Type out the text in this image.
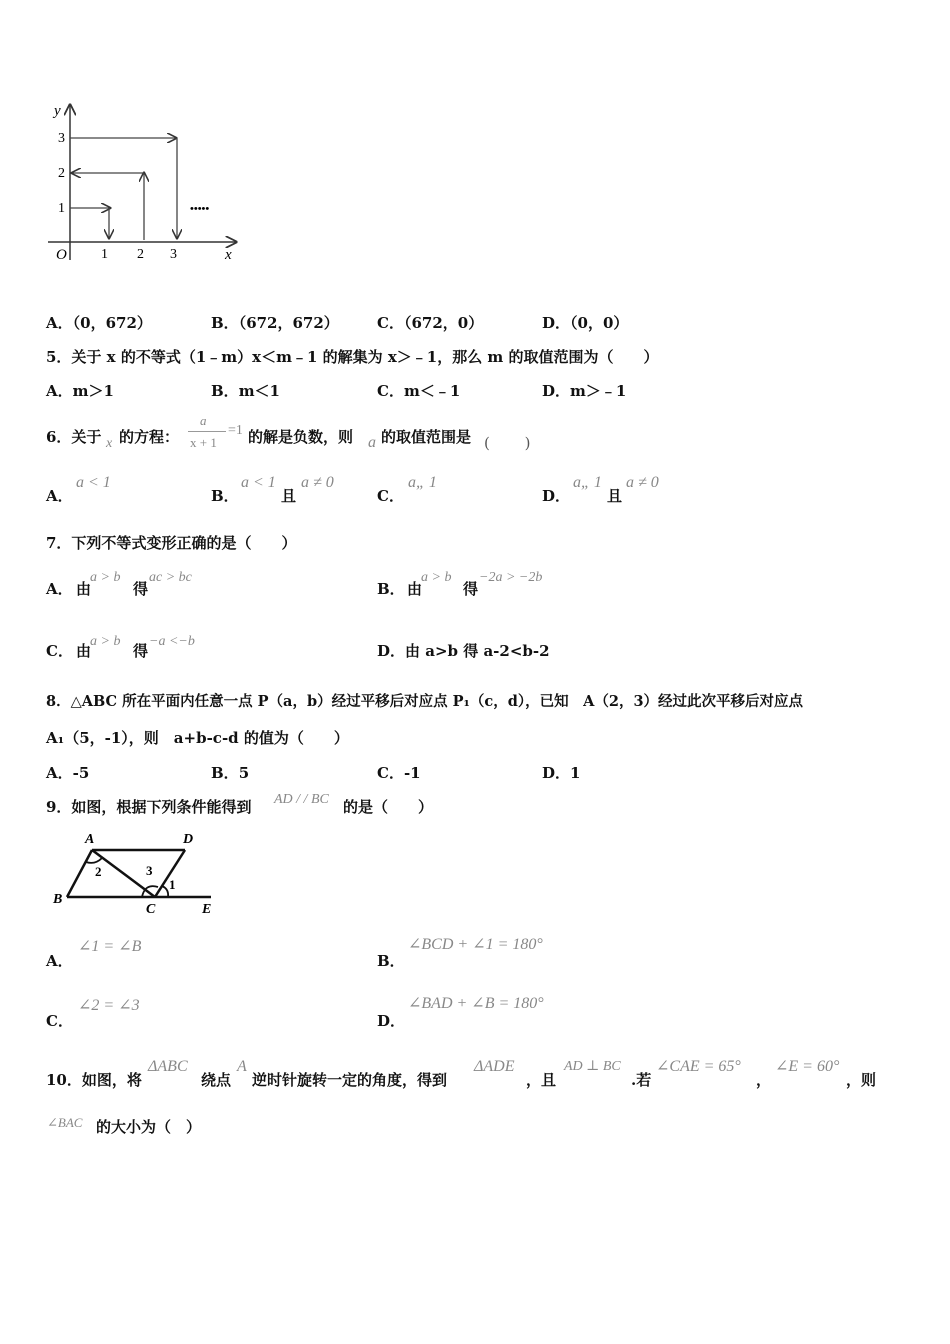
y
x
O
1
2
3
1 2 3
•••••
A．（0，672）	B．（672，672）	C．（672，0）	D．（0，0）
5．关于 x 的不等式（1﹣m）x＜m﹣1 的解集为 x＞﹣1，那么 m 的取值范围为（　　）
A．m＞1	B．m＜1	C．m＜﹣1	D．m＞﹣1
6．关于 x 的方程：
a
x + 1
=1 的解是负数，则 a 的取值范围是 (　　 )
A．
a < 1
B．
a < 1
且
a ≠ 0
C．
a„ 1
D．
a„ 1
且
a ≠ 0
7．下列不等式变形正确的是（　　）
A． 由
a > b
得
ac > bc
B． 由
a > b
得
−2a > −2b
C． 由
a > b
得
−a <−b
D．由 a>b 得 a-2<b-2
8．△ABC 所在平面内任意一点 P（a，b）经过平移后对应点 P₁（c，d），已知　A（2，3）经过此次平移后对应点
A₁（5，-1），则　a+b-c-d 的值为（　　）
A．-5	B．5	C．-1	D．1
9．如图，根据下列条件能得到 AD / / BC 的是（　　）
A	D
B
C	E
2	3
1
A．
∠1 = ∠B
B．
∠BCD + ∠1 = 180°
C．
∠2 = ∠3
D．
∠BAD + ∠B = 180°
10．如图，将
ΔABC
绕点
A
逆时针旋转一定的角度，得到
ΔADE
，且
AD ⊥ BC
.若
∠CAE = 65°
，
∠E = 60°
，则
∠BAC 的大小为（　）
